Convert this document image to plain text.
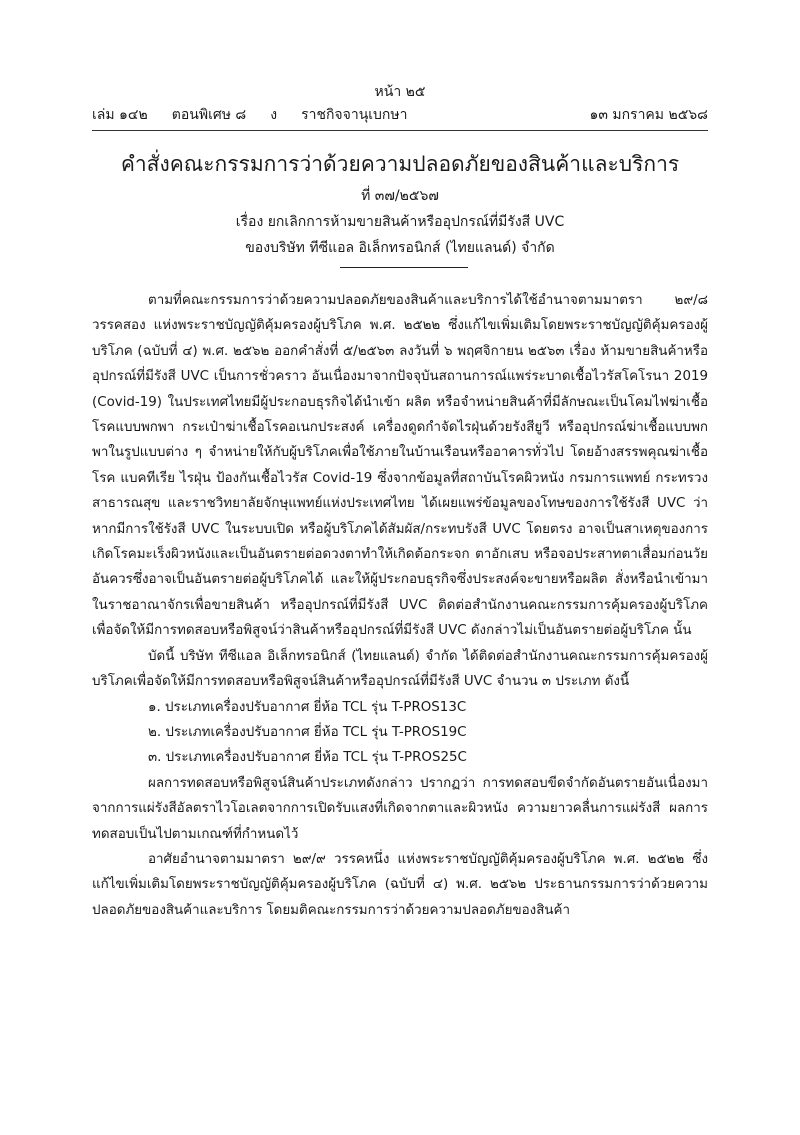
หน้า ๒๕
เล่ม ๑๔๒ ตอนพิเศษ ๘ ง ราชกิจจานุเบกษา	๑๓ มกราคม ๒๕๖๘
คำสั่งคณะกรรมการว่าด้วยความปลอดภัยของสินค้าและบริการ
ที่ ๓๗/๒๕๖๗
เรื่อง ยกเลิกการห้ามขายสินค้าหรืออุปกรณ์ที่มีรังสี UVC
ของบริษัท ทีซีแอล อิเล็กทรอนิกส์ (ไทยแลนด์) จำกัด

ตามที่คณะกรรมการว่าด้วยความปลอดภัยของสินค้าและบริการได้ใช้อำนาจตามมาตรา ๒๙/๘ วรรคสอง แห่งพระราชบัญญัติคุ้มครองผู้บริโภค พ.ศ. ๒๕๒๒ ซึ่งแก้ไขเพิ่มเติมโดยพระราชบัญญัติคุ้มครองผู้บริโภค (ฉบับที่ ๔) พ.ศ. ๒๕๖๒ ออกคำสั่งที่ ๕/๒๕๖๓ ลงวันที่ ๖ พฤศจิกายน ๒๕๖๓ เรื่อง ห้ามขายสินค้าหรืออุปกรณ์ที่มีรังสี UVC เป็นการชั่วคราว อันเนื่องมาจากปัจจุบันสถานการณ์แพร่ระบาดเชื้อไวรัสโคโรนา 2019 (Covid-19) ในประเทศไทยมีผู้ประกอบธุรกิจได้นำเข้า ผลิต หรือจำหน่ายสินค้าที่มีลักษณะเป็นโคมไฟฆ่าเชื้อโรคแบบพกพา กระเป๋าฆ่าเชื้อโรคอเนกประสงค์ เครื่องดูดกำจัดไรฝุ่นด้วยรังสียูวี หรืออุปกรณ์ฆ่าเชื้อแบบพกพาในรูปแบบต่าง ๆ จำหน่ายให้กับผู้บริโภคเพื่อใช้ภายในบ้านเรือนหรืออาคารทั่วไป โดยอ้างสรรพคุณฆ่าเชื้อโรค แบคทีเรีย ไรฝุ่น ป้องกันเชื้อไวรัส Covid-19 ซึ่งจากข้อมูลที่สถาบันโรคผิวหนัง กรมการแพทย์ กระทรวงสาธารณสุข และราชวิทยาลัยจักษุแพทย์แห่งประเทศไทย ได้เผยแพร่ข้อมูลของโทษของการใช้รังสี UVC ว่าหากมีการใช้รังสี UVC ในระบบเปิด หรือผู้บริโภคได้สัมผัส/กระทบรังสี UVC โดยตรง อาจเป็นสาเหตุของการเกิดโรคมะเร็งผิวหนังและเป็นอันตรายต่อดวงตาทำให้เกิดต้อกระจก ตาอักเสบ หรือจอประสาทตาเสื่อมก่อนวัยอันควรซึ่งอาจเป็นอันตรายต่อผู้บริโภคได้ และให้ผู้ประกอบธุรกิจซึ่งประสงค์จะขายหรือผลิต สั่งหรือนำเข้ามาในราชอาณาจักรเพื่อขายสินค้า หรืออุปกรณ์ที่มีรังสี UVC ติดต่อสำนักงานคณะกรรมการคุ้มครองผู้บริโภคเพื่อจัดให้มีการทดสอบหรือพิสูจน์ว่าสินค้าหรืออุปกรณ์ที่มีรังสี UVC ดังกล่าวไม่เป็นอันตรายต่อผู้บริโภค นั้น

บัดนี้ บริษัท ทีซีแอล อิเล็กทรอนิกส์ (ไทยแลนด์) จำกัด ได้ติดต่อสำนักงานคณะกรรมการคุ้มครองผู้บริโภคเพื่อจัดให้มีการทดสอบหรือพิสูจน์สินค้าหรืออุปกรณ์ที่มีรังสี UVC จำนวน ๓ ประเภท ดังนี้

๑. ประเภทเครื่องปรับอากาศ ยี่ห้อ TCL รุ่น T-PROS13C

๒. ประเภทเครื่องปรับอากาศ ยี่ห้อ TCL รุ่น T-PROS19C

๓. ประเภทเครื่องปรับอากาศ ยี่ห้อ TCL รุ่น T-PROS25C

ผลการทดสอบหรือพิสูจน์สินค้าประเภทดังกล่าว ปรากฏว่า การทดสอบขีดจำกัดอันตรายอันเนื่องมาจากการแผ่รังสีอัลตราไวโอเลตจากการเปิดรับแสงที่เกิดจากตาและผิวหนัง ความยาวคลื่นการแผ่รังสี ผลการทดสอบเป็นไปตามเกณฑ์ที่กำหนดไว้

อาศัยอำนาจตามมาตรา ๒๙/๙ วรรคหนึ่ง แห่งพระราชบัญญัติคุ้มครองผู้บริโภค พ.ศ. ๒๕๒๒ ซึ่งแก้ไขเพิ่มเติมโดยพระราชบัญญัติคุ้มครองผู้บริโภค (ฉบับที่ ๔) พ.ศ. ๒๕๖๒ ประธานกรรมการว่าด้วยความปลอดภัยของสินค้าและบริการ โดยมติคณะกรรมการว่าด้วยความปลอดภัยของสินค้า
